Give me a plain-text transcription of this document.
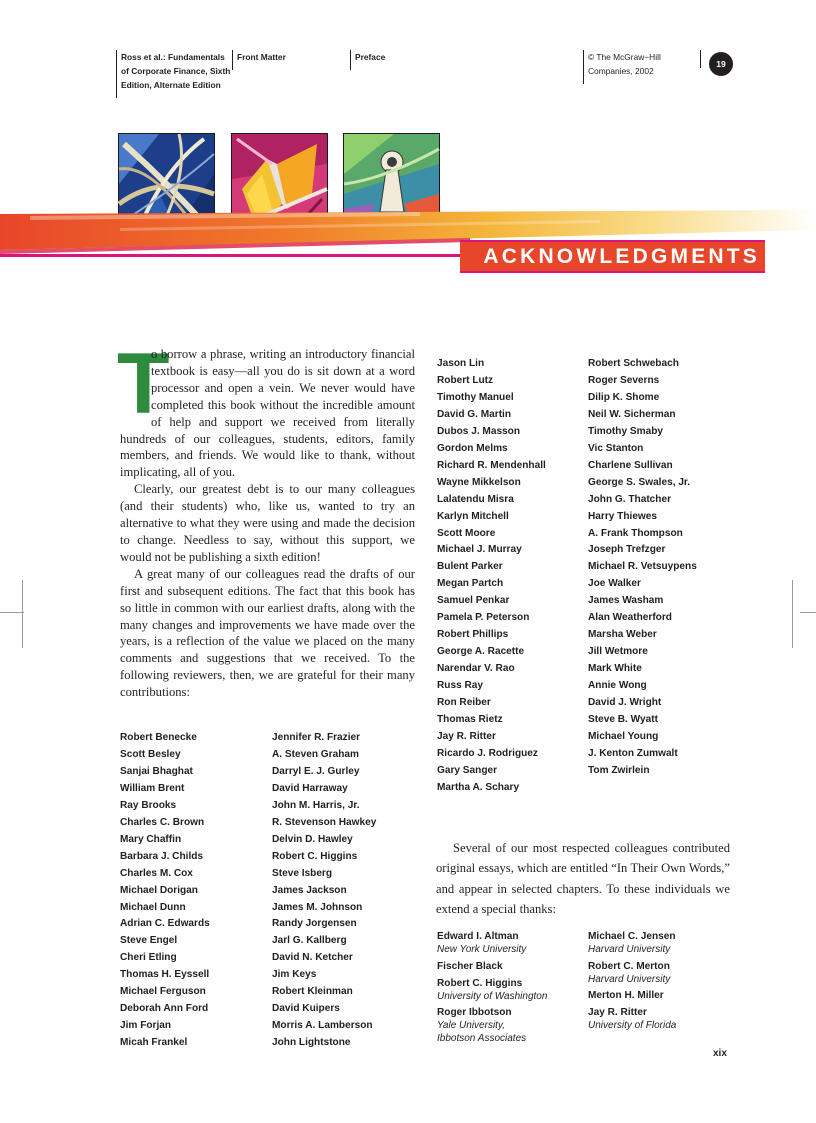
Ross et al.: Fundamentals
of Corporate Finance, Sixth
Edition, Alternate Edition
Front Matter	Preface	© The McGraw−Hill
Companies, 2002
19
ACKNOWLEDGMENTS
T

o borrow a phrase, writing an introductory financial textbook is easy—all you do is sit down at a word processor and open a vein. We never would have completed this book without the incredible amount of help and support we received from literally hundreds of our colleagues, students, editors, family members, and friends. We would like to thank, without implicating, all of you.

Clearly, our greatest debt is to our many colleagues (and their students) who, like us, wanted to try an alternative to what they were using and made the decision to change. Needless to say, without this support, we would not be publishing a sixth edition!

A great many of our colleagues read the drafts of our first and subsequent editions. The fact that this book has so little in common with our earliest drafts, along with the many changes and improvements we have made over the years, is a reflection of the value we placed on the many comments and suggestions that we received. To the following reviewers, then, we are grateful for their many contributions:

Robert Benecke
Scott Besley
Sanjai Bhaghat
William Brent
Ray Brooks
Charles C. Brown
Mary Chaffin
Barbara J. Childs
Charles M. Cox
Michael Dorigan
Michael Dunn
Adrian C. Edwards
Steve Engel
Cheri Etling
Thomas H. Eyssell
Michael Ferguson
Deborah Ann Ford
Jim Forjan
Micah Frankel
Jennifer R. Frazier
A. Steven Graham
Darryl E. J. Gurley
David Harraway
John M. Harris, Jr.
R. Stevenson Hawkey
Delvin D. Hawley
Robert C. Higgins
Steve Isberg
James Jackson
James M. Johnson
Randy Jorgensen
Jarl G. Kallberg
David N. Ketcher
Jim Keys
Robert Kleinman
David Kuipers
Morris A. Lamberson
John Lightstone
Jason Lin
Robert Lutz
Timothy Manuel
David G. Martin
Dubos J. Masson
Gordon Melms
Richard R. Mendenhall
Wayne Mikkelson
Lalatendu Misra
Karlyn Mitchell
Scott Moore
Michael J. Murray
Bulent Parker
Megan Partch
Samuel Penkar
Pamela P. Peterson
Robert Phillips
George A. Racette
Narendar V. Rao
Russ Ray
Ron Reiber
Thomas Rietz
Jay R. Ritter
Ricardo J. Rodriguez
Gary Sanger
Martha A. Schary
Robert Schwebach
Roger Severns
Dilip K. Shome
Neil W. Sicherman
Timothy Smaby
Vic Stanton
Charlene Sullivan
George S. Swales, Jr.
John G. Thatcher
Harry Thiewes
A. Frank Thompson
Joseph Trefzger
Michael R. Vetsuypens
Joe Walker
James Washam
Alan Weatherford
Marsha Weber
Jill Wetmore
Mark White
Annie Wong
David J. Wright
Steve B. Wyatt
Michael Young
J. Kenton Zumwalt
Tom Zwirlein

Several of our most respected colleagues contributed original essays, which are entitled “In Their Own Words,” and appear in selected chapters. To these individuals we extend a special thanks:

Edward I. Altman
New York University
Fischer Black
Robert C. Higgins
University of Washington
Roger Ibbotson
Yale University,
Ibbotson Associates
Michael C. Jensen
Harvard University
Robert C. Merton
Harvard University
Merton H. Miller
Jay R. Ritter
University of Florida
xix
